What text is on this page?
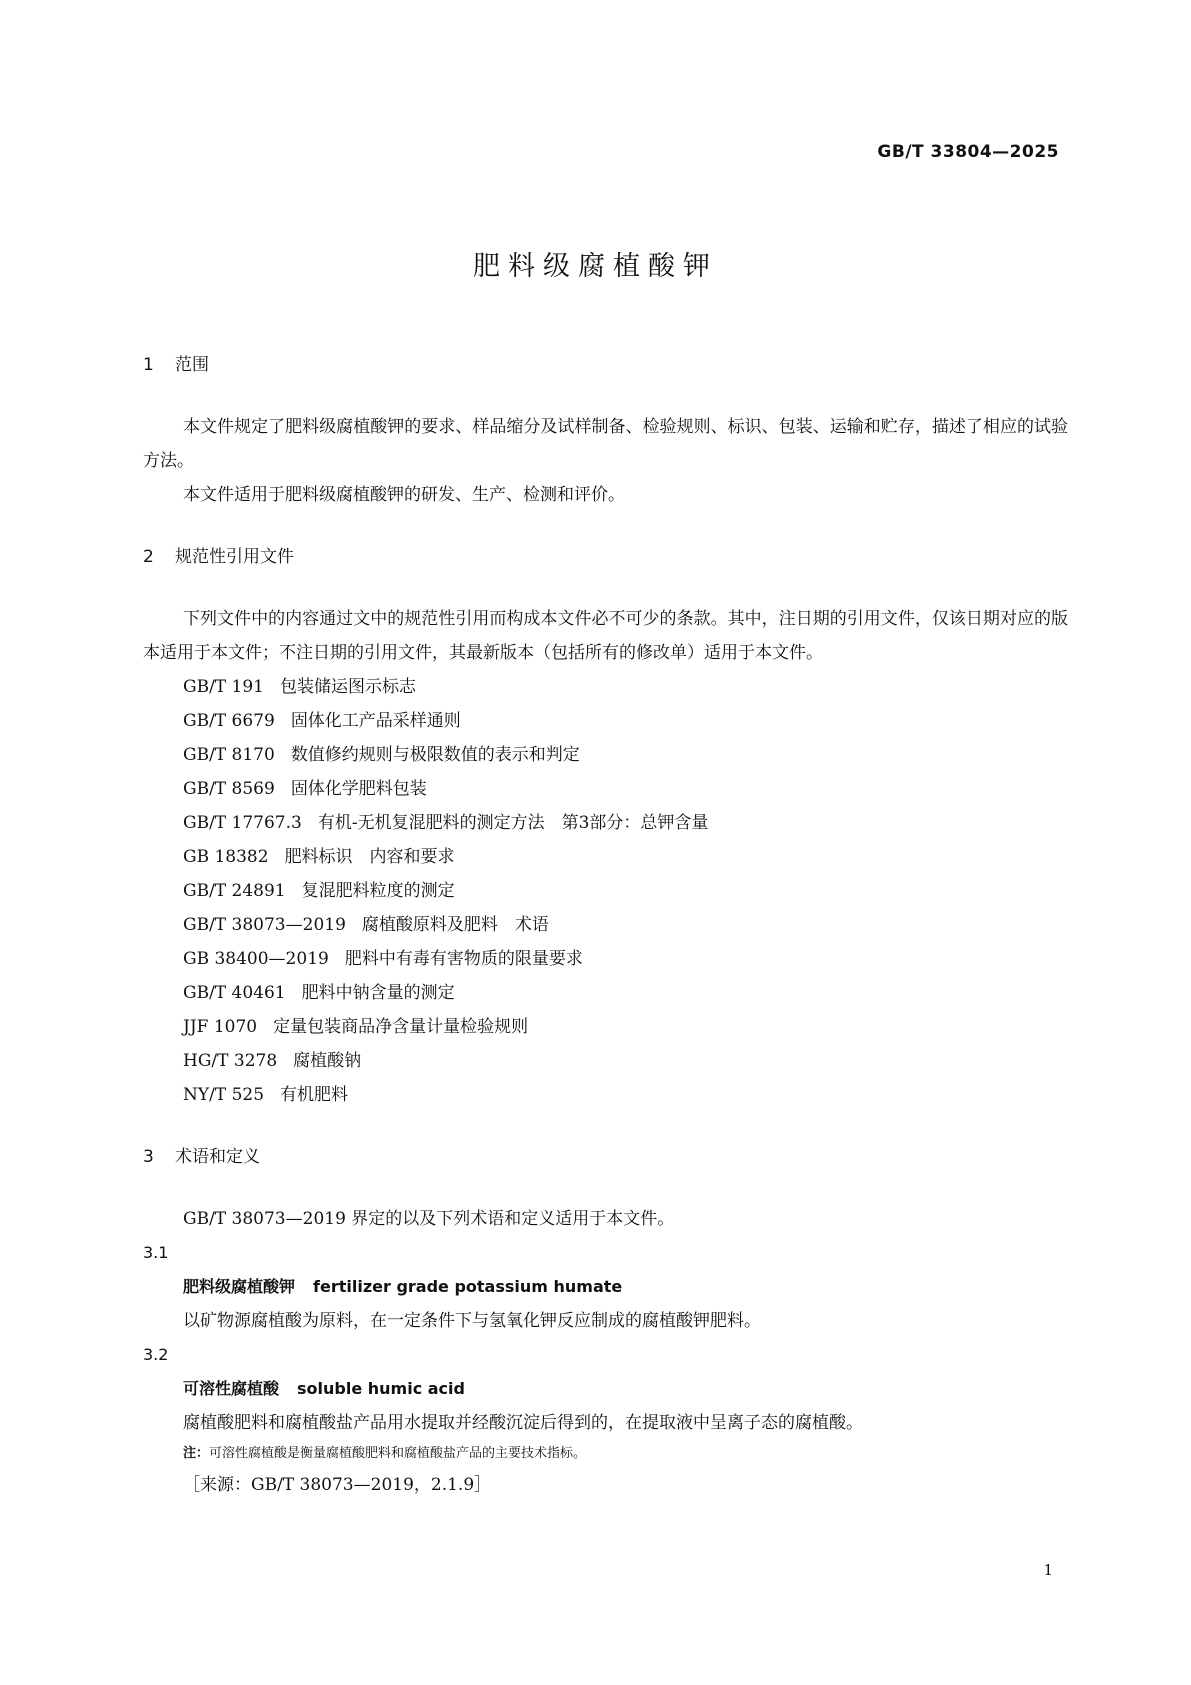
GB/T 33804—2025
肥料级腐植酸钾
1 范围

本文件规定了肥料级腐植酸钾的要求、样品缩分及试样制备、检验规则、标识、包装、运输和贮存，描述了相应的试验方法。

本文件适用于肥料级腐植酸钾的研发、生产、检测和评价。

2 规范性引用文件

下列文件中的内容通过文中的规范性引用而构成本文件必不可少的条款。其中，注日期的引用文件，仅该日期对应的版本适用于本文件；不注日期的引用文件，其最新版本（包括所有的修改单）适用于本文件。

GB/T 191 包装储运图示标志
GB/T 6679 固体化工产品采样通则
GB/T 8170 数值修约规则与极限数值的表示和判定
GB/T 8569 固体化学肥料包装
GB/T 17767.3 有机-无机复混肥料的测定方法　第3部分：总钾含量
GB 18382 肥料标识　内容和要求
GB/T 24891 复混肥料粒度的测定
GB/T 38073—2019 腐植酸原料及肥料　术语
GB 38400—2019 肥料中有毒有害物质的限量要求
GB/T 40461 肥料中钠含量的测定
JJF 1070 定量包装商品净含量计量检验规则
HG/T 3278 腐植酸钠
NY/T 525 有机肥料
3 术语和定义

GB/T 38073—2019 界定的以及下列术语和定义适用于本文件。

3.1
肥料级腐植酸钾 fertilizer grade potassium humate
以矿物源腐植酸为原料，在一定条件下与氢氧化钾反应制成的腐植酸钾肥料。
3.2
可溶性腐植酸 soluble humic acid
腐植酸肥料和腐植酸盐产品用水提取并经酸沉淀后得到的，在提取液中呈离子态的腐植酸。
注：可溶性腐植酸是衡量腐植酸肥料和腐植酸盐产品的主要技术指标。
［来源：GB/T 38073—2019，2.1.9］
1
